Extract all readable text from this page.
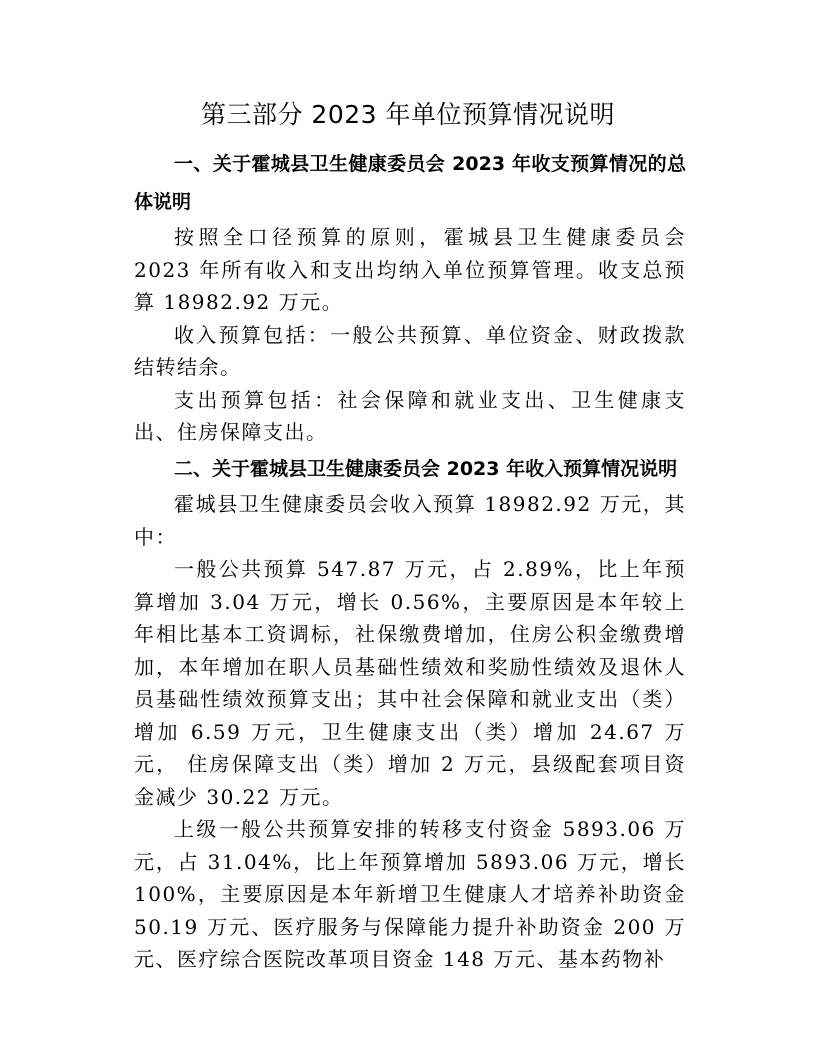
第三部分 2023 年单位预算情况说明

一、关于霍城县卫生健康委员会 2023 年收支预算情况的总体说明

按照全口径预算的原则，霍城县卫生健康委员会 2023 年所有收入和支出均纳入单位预算管理。收支总预算 18982.92 万元。

收入预算包括：一般公共预算、单位资金、财政拨款结转结余。

支出预算包括：社会保障和就业支出、卫生健康支出、住房保障支出。

二、关于霍城县卫生健康委员会 2023 年收入预算情况说明

霍城县卫生健康委员会收入预算 18982.92 万元，其中：

一般公共预算 547.87 万元，占 2.89%，比上年预算增加 3.04 万元，增长 0.56%，主要原因是本年较上年相比基本工资调标，社保缴费增加，住房公积金缴费增加，本年增加在职人员基础性绩效和奖励性绩效及退休人员基础性绩效预算支出；其中社会保障和就业支出（类）增加 6.59 万元，卫生健康支出（类）增加 24.67 万元， 住房保障支出（类）增加 2 万元，县级配套项目资金减少 30.22 万元。

上级一般公共预算安排的转移支付资金 5893.06 万元，占 31.04%，比上年预算增加 5893.06 万元，增长 100%，主要原因是本年新增卫生健康人才培养补助资金 50.19 万元、医疗服务与保障能力提升补助资金 200 万元、医疗综合医院改革项目资金 148 万元、基本药物补
